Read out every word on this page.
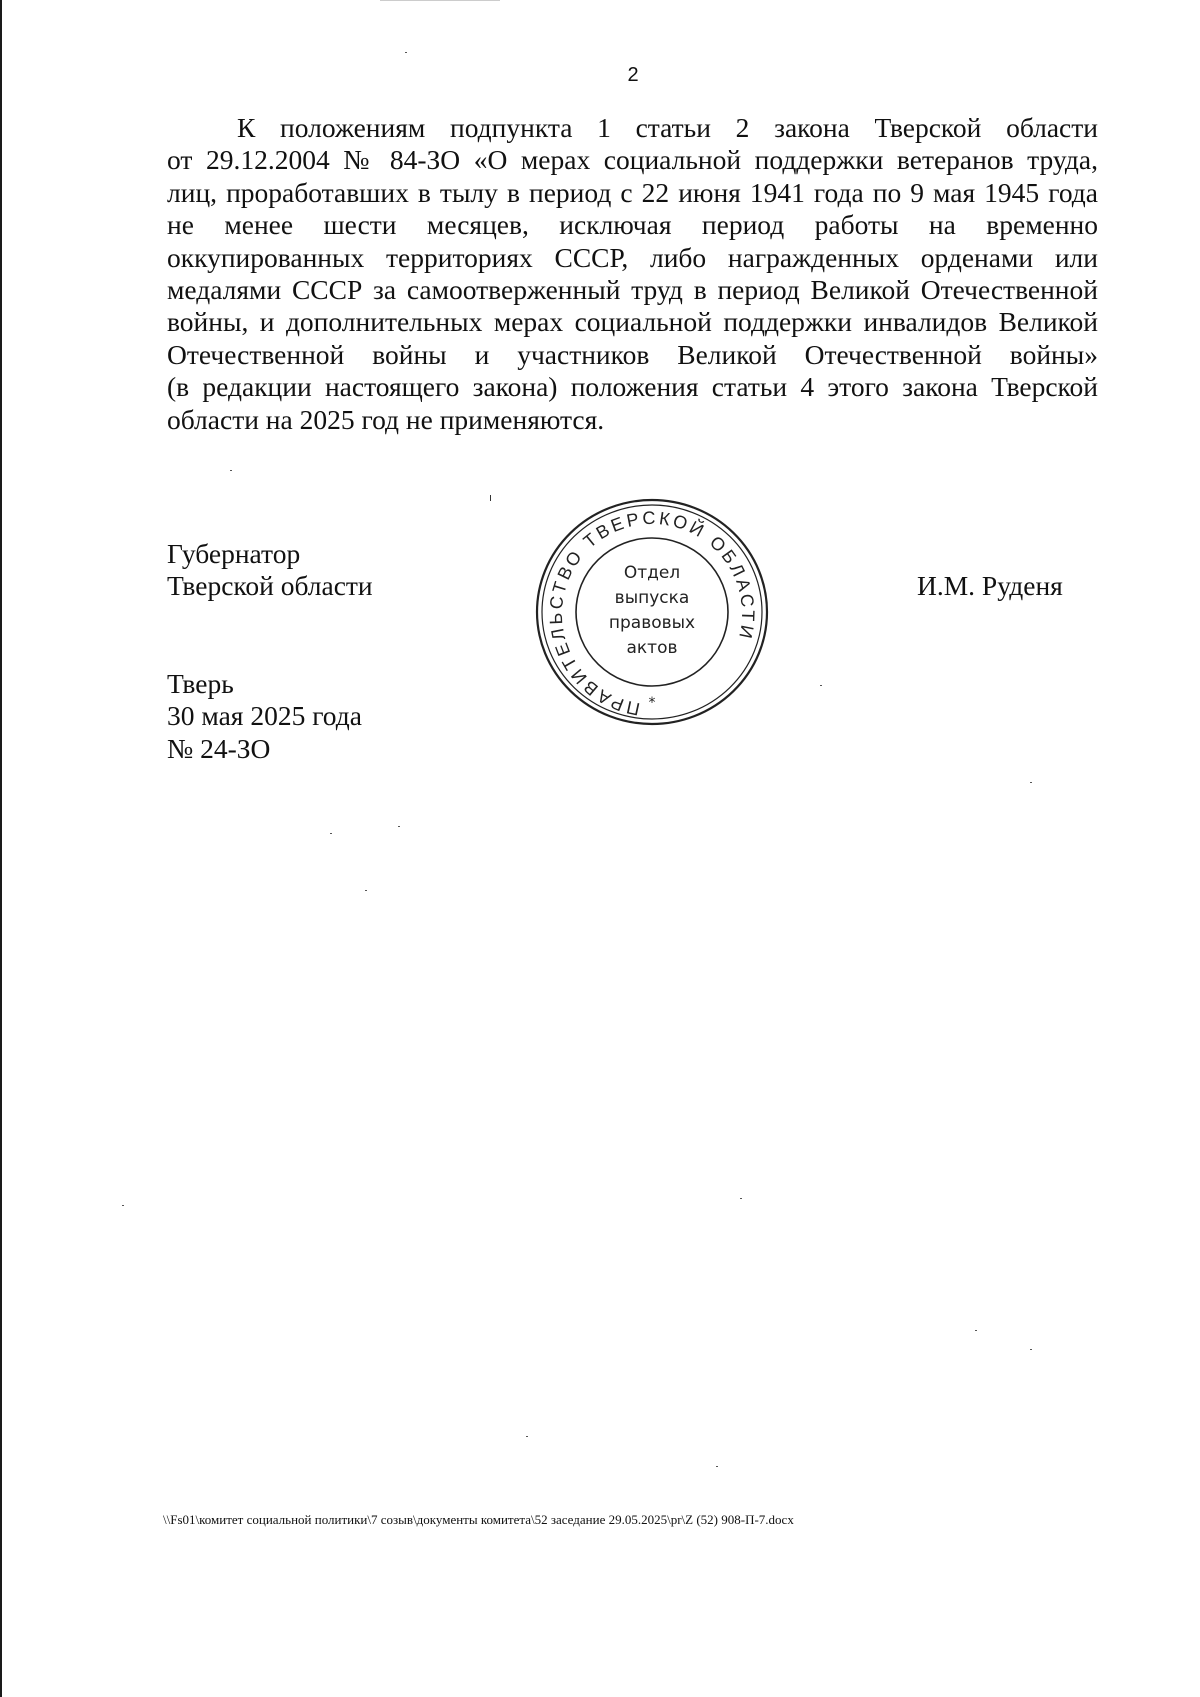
2
К положениям подпункта 1 статьи 2 закона Тверской области
от 29.12.2004 № 84-ЗО «О мерах социальной поддержки ветеранов труда,
лиц, проработавших в тылу в период с 22 июня 1941 года по 9 мая 1945 года
не менее шести месяцев, исключая период работы на временно
оккупированных территориях СССР, либо награжденных орденами или
медалями СССР за самоотверженный труд в период Великой Отечественной
войны, и дополнительных мерах социальной поддержки инвалидов Великой
Отечественной войны и участников Великой Отечественной войны»
(в редакции настоящего закона) положения статьи 4 этого закона Тверской
области на 2025 год не применяются.
Губернатор
Тверской области	И.М. Руденя
Тверь
30 мая 2025 года
№ 24-ЗО
ПРАВИТЕЛЬСТВО ТВЕРСКОЙ ОБЛАСТИ
Отдел
выпуска
правовых
актов
*
\\Fs01\комитет социальной политики\7 созыв\документы комитета\52 заседание 29.05.2025\pr\Z (52) 908-П-7.docx
